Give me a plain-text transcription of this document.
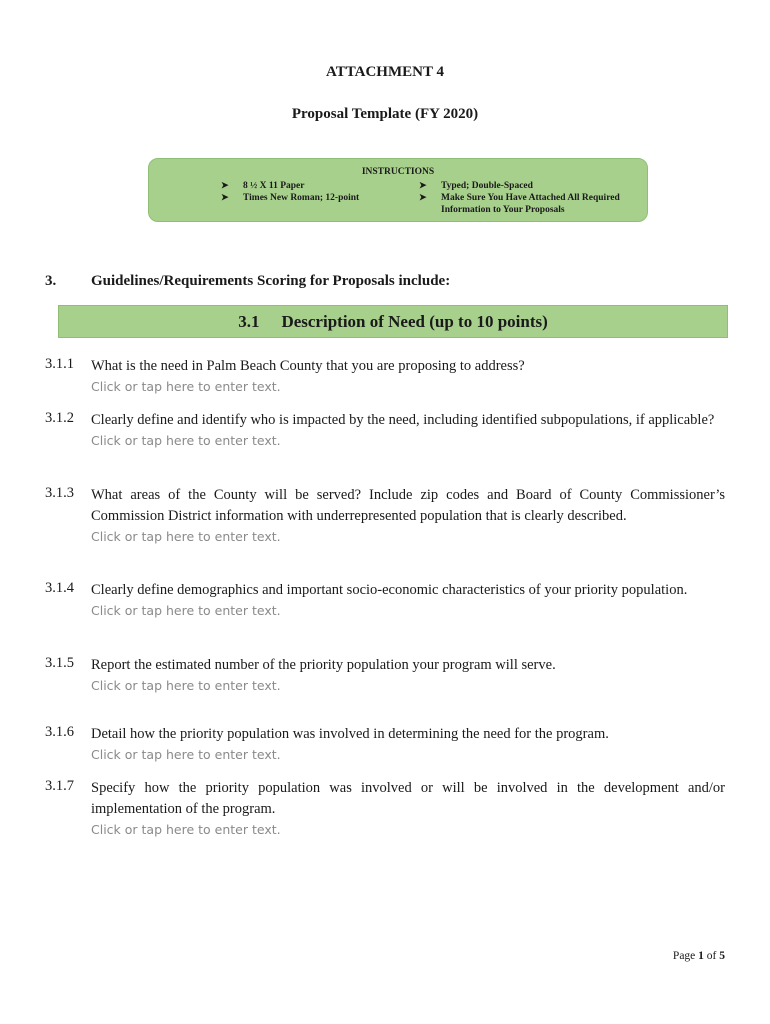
ATTACHMENT 4
Proposal Template (FY 2020)
INSTRUCTIONS
➤	8 ½ X 11 Paper
➤	Times New Roman; 12-point
➤	Typed; Double-Spaced
➤	Make Sure You Have Attached All Required Information to Your Proposals
3. Guidelines/Requirements Scoring for Proposals include:
3.1 Description of Need (up to 10 points)
3.1.1 What is the need in Palm Beach County that you are proposing to address?
Click or tap here to enter text.
3.1.2 Clearly define and identify who is impacted by the need, including identified subpopulations, if applicable?
Click or tap here to enter text.
3.1.3 What areas of the County will be served? Include zip codes and Board of County Commissioner’s Commission District information with underrepresented population that is clearly described.
Click or tap here to enter text.
3.1.4 Clearly define demographics and important socio-economic characteristics of your priority population.
Click or tap here to enter text.
3.1.5 Report the estimated number of the priority population your program will serve.
Click or tap here to enter text.
3.1.6 Detail how the priority population was involved in determining the need for the program.
Click or tap here to enter text.
3.1.7 Specify how the priority population was involved or will be involved in the development and/or implementation of the program.
Click or tap here to enter text.
Page 1 of 5
